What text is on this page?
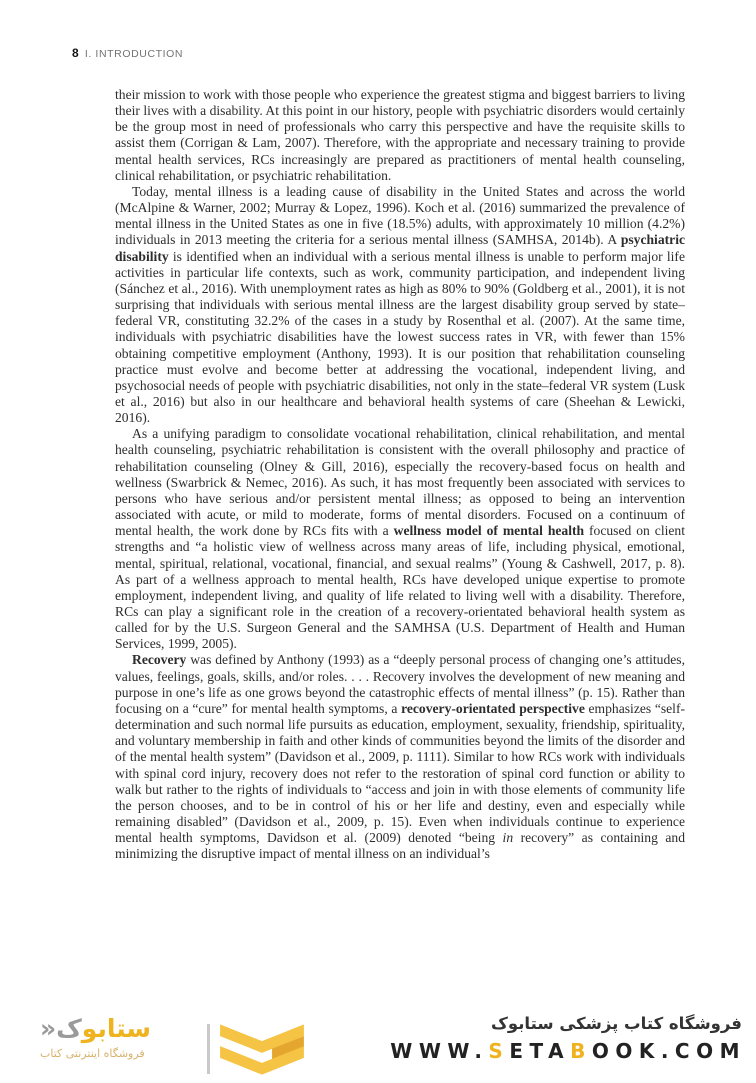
8 I. INTRODUCTION

their mission to work with those people who experience the greatest stigma and biggest barriers to living their lives with a disability. At this point in our history, people with psychiatric disorders would certainly be the group most in need of professionals who carry this perspective and have the requisite skills to assist them (Corrigan & Lam, 2007). Therefore, with the appropriate and necessary training to provide mental health services, RCs increasingly are prepared as practitioners of mental health counseling, clinical rehabilitation, or psychiatric rehabilitation.

Today, mental illness is a leading cause of disability in the United States and across the world (McAlpine & Warner, 2002; Murray & Lopez, 1996). Koch et al. (2016) summarized the prevalence of mental illness in the United States as one in five (18.5%) adults, with approximately 10 million (4.2%) individuals in 2013 meeting the criteria for a serious mental illness (SAMHSA, 2014b). A psychiatric disability is identified when an individual with a serious mental illness is unable to perform major life activities in particular life contexts, such as work, community participation, and independent living (Sánchez et al., 2016). With unemployment rates as high as 80% to 90% (Goldberg et al., 2001), it is not surprising that individuals with serious mental illness are the largest disability group served by state–federal VR, constituting 32.2% of the cases in a study by Rosenthal et al. (2007). At the same time, individuals with psychiatric disabilities have the lowest success rates in VR, with fewer than 15% obtaining competitive employment (Anthony, 1993). It is our position that rehabilitation counseling practice must evolve and become better at addressing the vocational, independent living, and psychosocial needs of people with psychiatric disabilities, not only in the state–federal VR system (Lusk et al., 2016) but also in our healthcare and behavioral health systems of care (Sheehan & Lewicki, 2016).

As a unifying paradigm to consolidate vocational rehabilitation, clinical rehabilitation, and mental health counseling, psychiatric rehabilitation is consistent with the overall philosophy and practice of rehabilitation counseling (Olney & Gill, 2016), especially the recovery-based focus on health and wellness (Swarbrick & Nemec, 2016). As such, it has most frequently been associated with services to persons who have serious and/or persistent mental illness; as opposed to being an intervention associated with acute, or mild to moderate, forms of mental disorders. Focused on a continuum of mental health, the work done by RCs fits with a wellness model of mental health focused on client strengths and “a holistic view of wellness across many areas of life, including physical, emotional, mental, spiritual, relational, vocational, financial, and sexual realms” (Young & Cashwell, 2017, p. 8). As part of a wellness approach to mental health, RCs have developed unique expertise to promote employment, independent living, and quality of life related to living well with a disability. Therefore, RCs can play a significant role in the creation of a recovery-orientated behavioral health system as called for by the U.S. Surgeon General and the SAMHSA (U.S. Department of Health and Human Services, 1999, 2005).

Recovery was defined by Anthony (1993) as a “deeply personal process of changing one’s attitudes, values, feelings, goals, skills, and/or roles. . . . Recovery involves the development of new meaning and purpose in one’s life as one grows beyond the catastrophic effects of mental illness” (p. 15). Rather than focusing on a “cure” for mental health symptoms, a recovery-orientated perspective emphasizes “self-determination and such normal life pursuits as education, employment, sexuality, friendship, spirituality, and voluntary membership in faith and other kinds of communities beyond the limits of the disorder and of the mental health system” (Davidson et al., 2009, p. 1111). Similar to how RCs work with individuals with spinal cord injury, recovery does not refer to the restoration of spinal cord function or ability to walk but rather to the rights of individuals to “access and join in with those elements of community life the person chooses, and to be in control of his or her life and destiny, even and especially while remaining disabled” (Davidson et al., 2009, p. 15). Even when individuals continue to experience mental health symptoms, Davidson et al. (2009) denoted “being in recovery” as containing and minimizing the disruptive impact of mental illness on an individual’s

ستابوک«
فروشگاه اینترنتی کتاب
فروشگاه کتاب پزشکی ستابوک
WWW.SETABOOK.COM
